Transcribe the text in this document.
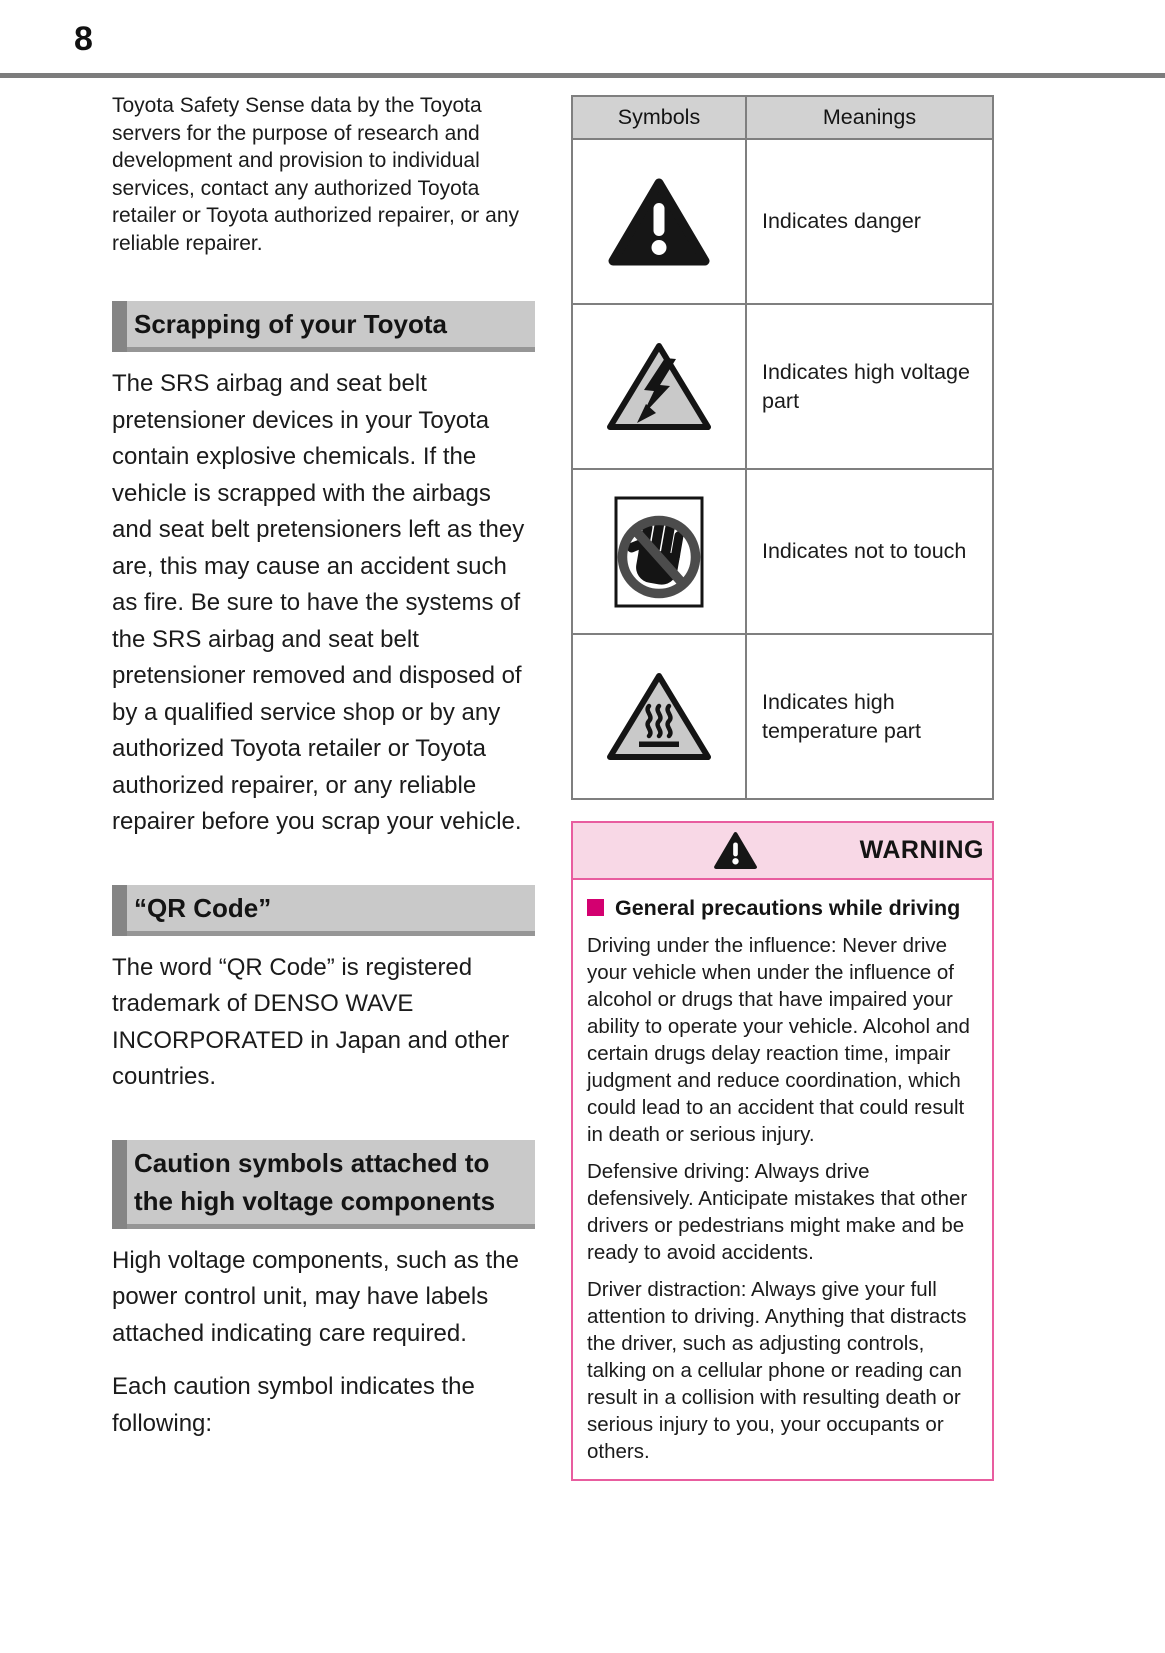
8

Toyota Safety Sense data by the Toyota servers for the purpose of research and development and provision to individual services, contact any authorized Toyota retailer or Toyota authorized repairer, or any reliable repairer.

Scrapping of your Toyota

The SRS airbag and seat belt pretensioner devices in your Toyota contain explosive chemicals. If the vehicle is scrapped with the airbags and seat belt pretensioners left as they are, this may cause an accident such as fire. Be sure to have the systems of the SRS airbag and seat belt pretensioner removed and disposed of by a qualified service shop or by any authorized Toyota retailer or Toyota authorized repairer, or any reliable repairer before you scrap your vehicle.

“QR Code”

The word “QR Code” is registered trademark of DENSO WAVE INCORPORATED in Japan and other countries.

Caution symbols attached to the high voltage components

High voltage components, such as the power control unit, may have labels attached indicating care required.

Each caution symbol indicates the following:

Symbols	Meanings

	Indicates danger

	Indicates high voltage part

	Indicates not to touch

	Indicates high temperature part
WARNING
General precautions while driving

Driving under the influence: Never drive your vehicle when under the influence of alcohol or drugs that have impaired your ability to operate your vehicle. Alcohol and certain drugs delay reaction time, impair judgment and reduce coordination, which could lead to an accident that could result in death or serious injury.

Defensive driving: Always drive defensively. Anticipate mistakes that other drivers or pedestrians might make and be ready to avoid accidents.

Driver distraction: Always give your full attention to driving. Anything that distracts the driver, such as adjusting controls, talking on a cellular phone or reading can result in a collision with resulting death or serious injury to you, your occupants or others.
